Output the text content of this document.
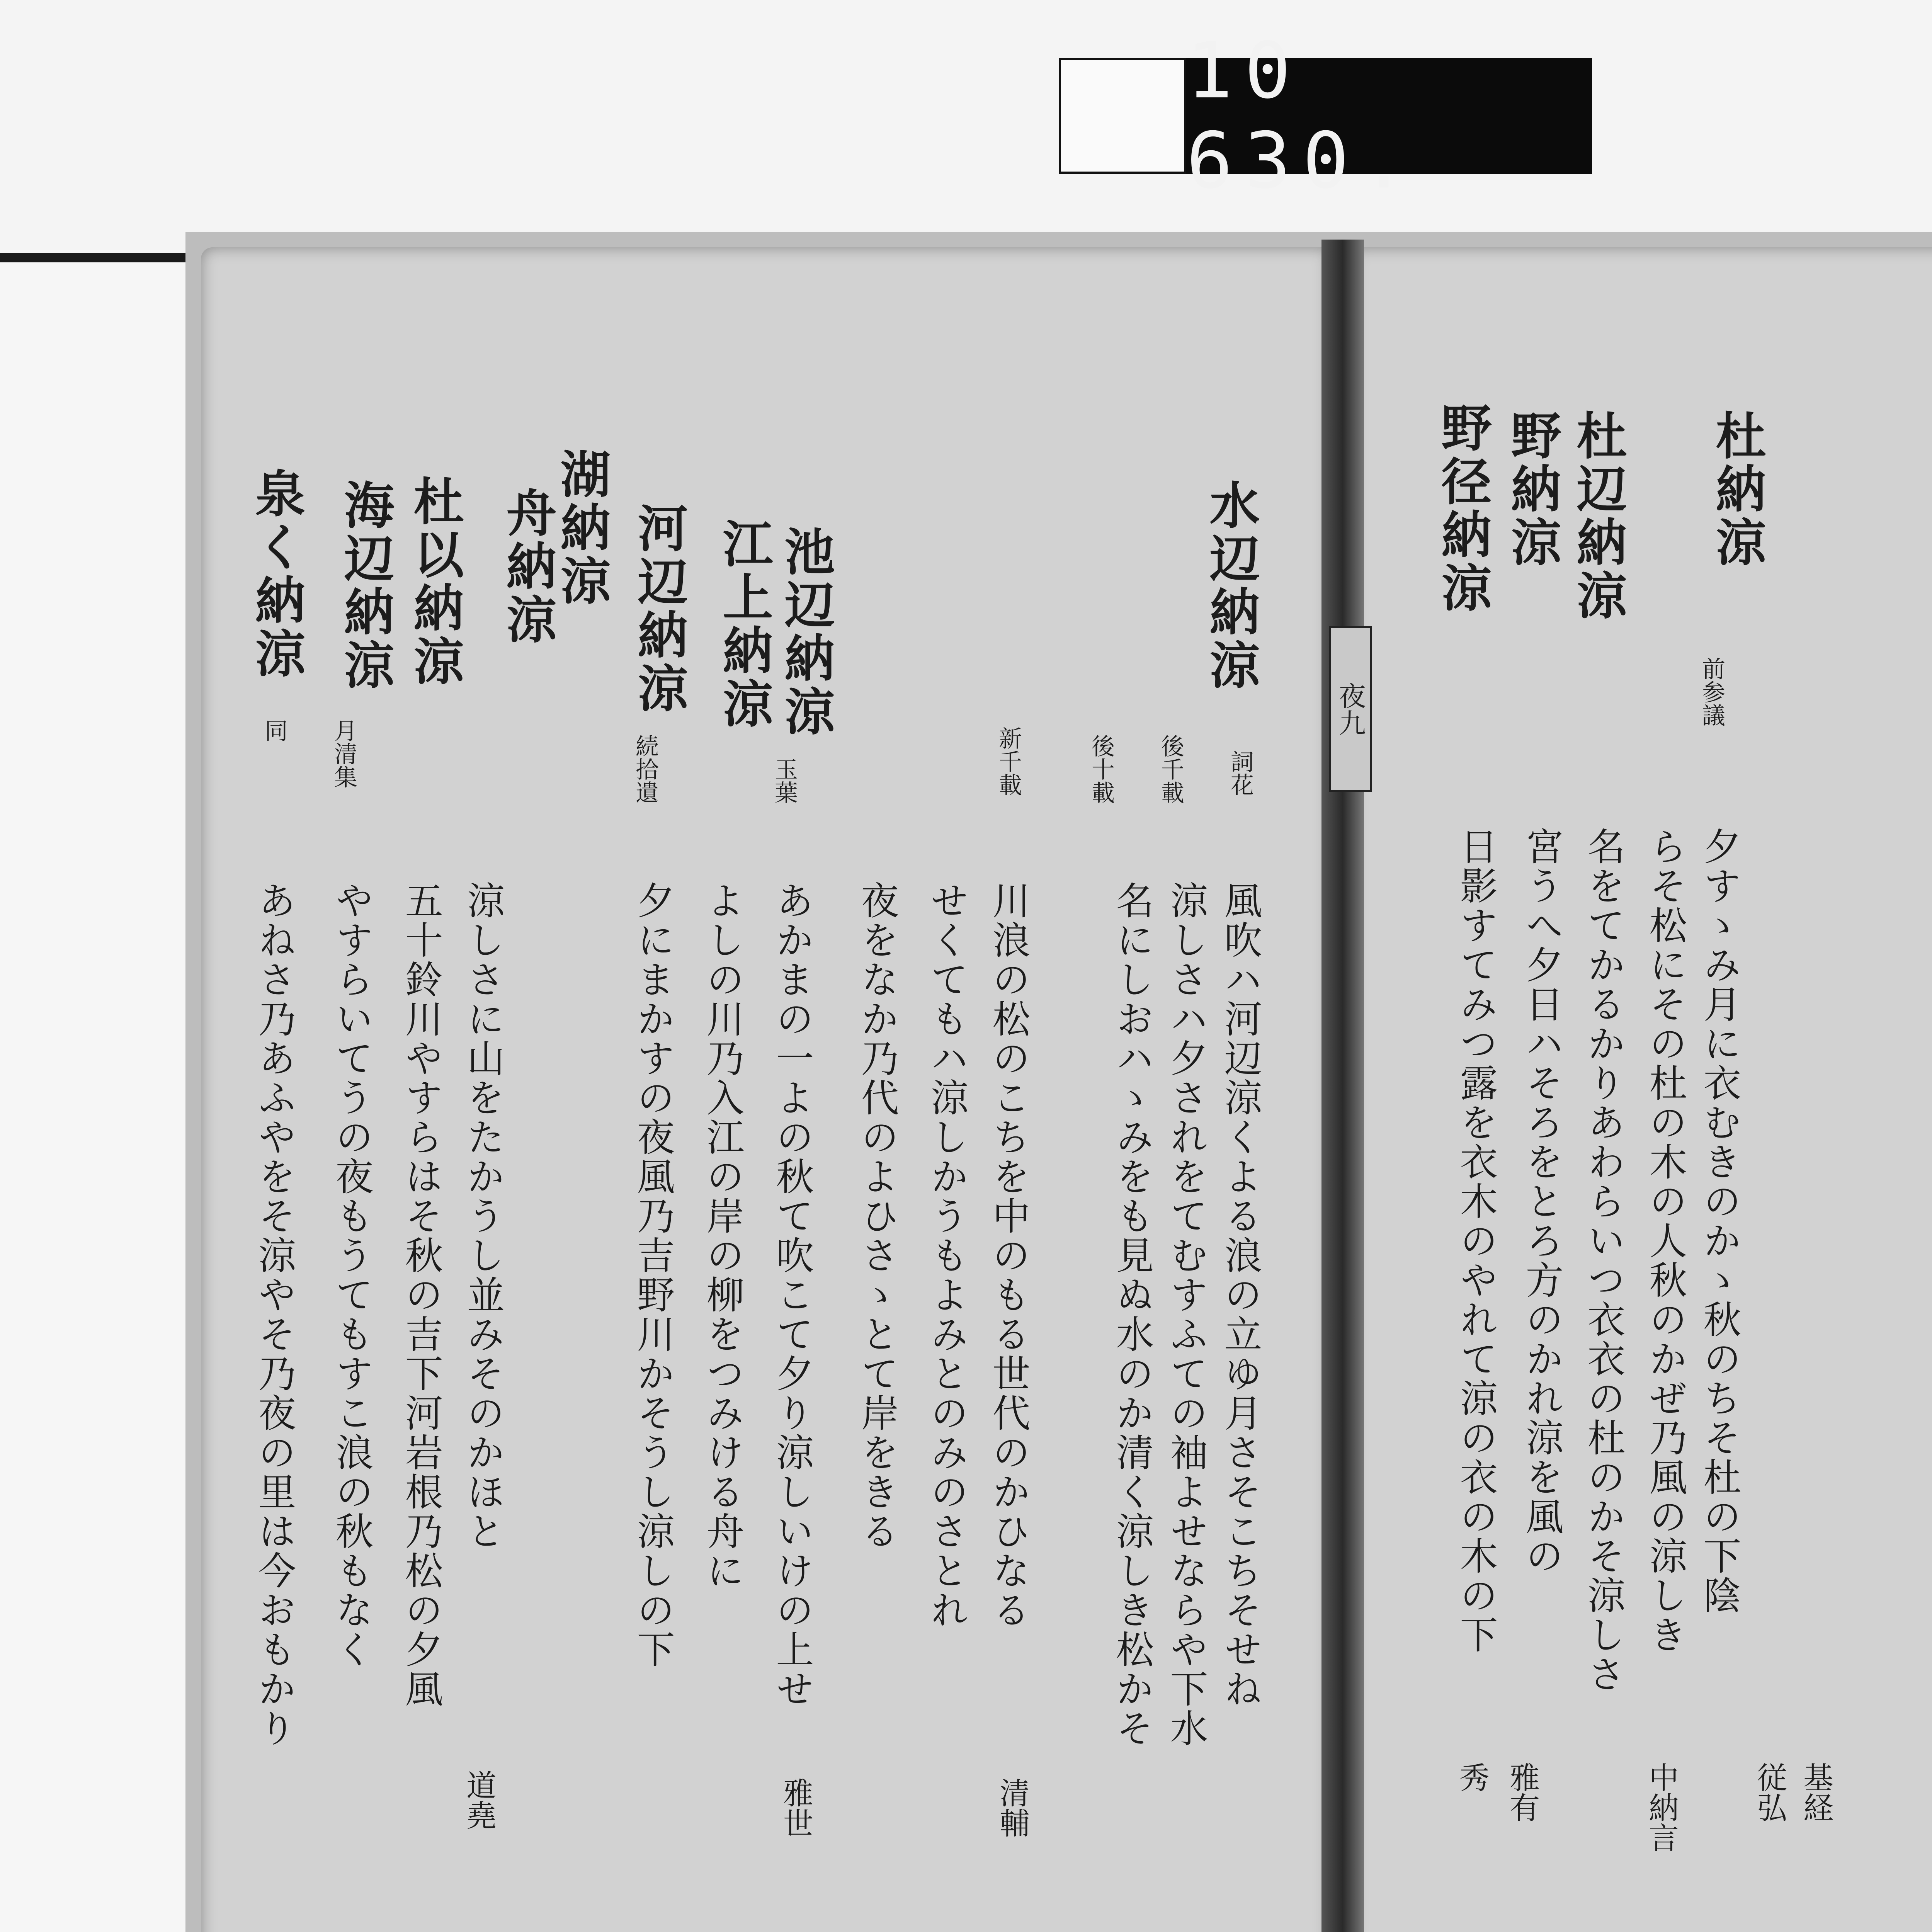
10 630.
夜九
杜納涼
杜辺納涼
野納涼
野径納涼
夕すゝみ月に衣むきのかゝ秋のちそ杜の下陰
らそ松にその杜の木の人秋のかぜ乃風の涼しき
名をてかるかりあわらいつ衣衣の杜のかそ涼しさ
宮うへ夕日ハそろをとろ方のかれ涼を風の
日影すてみつ露を衣木のやれて涼の衣の木の下
基経
従弘
中納言
雅有
秀
前参議
水辺納涼
池辺納涼
江上納涼
河辺納涼
湖納涼
舟納涼
杜以納涼
海辺納涼
泉く納涼
風吹ハ河辺涼くよる浪の立ゆ月さそこちそせね
涼しさハ夕されをてむすふての袖よせならや下水
名にしおハゝみをも見ぬ水のか清く涼しき松かそ
川浪の松のこちを中のもる世代のかひなる
せくてもハ涼しかうもよみとのみのさとれ
夜をなか乃代のよひさゝとて岸をきる
あかまの一よの秋て吹こて夕り涼しいけの上せ
よしの川乃入江の岸の柳をつみける舟に
夕にまかすの夜風乃吉野川かそうし涼しの下
涼しさに山をたかうし並みそのかほと
五十鈴川やすらはそ秋の吉下河岩根乃松の夕風
やすらいてうの夜もうてもすこ浪の秋もなく
あねさ乃あふやをそ涼やそ乃夜の里は今おもかり
詞花
後千載
後十載
玉葉	新千載
続拾遺
月清集
同
雅世	清輔
道堯
